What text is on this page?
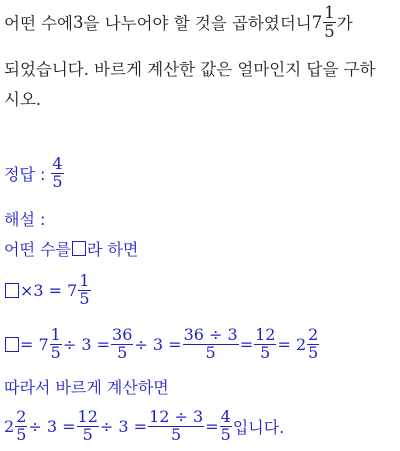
어떤 수에 3 을 나누어야 할 것을 곱하였더니 $7 \frac{1}{5}$ 가
되었습니다. 바르게 계산한 값은 얼마인지 답을 구하
시오.
정답 : $\frac{4}{5}$
해설 :
어떤 수를 라 하면
$\times 3 = 7 \frac{1}{5}$
= $7 \frac{1}{5} \div 3 = \frac{36}{5} \div 3 = \frac{36 \div 3}{5} = \frac{12}{5} = 2 \frac{2}{5}$
따라서 바르게 계산하면
$2 \frac{2}{5} \div 3 = \frac{12}{5} \div 3 = \frac{12 \div 3}{5} = \frac{4}{5}$ 입니다.
